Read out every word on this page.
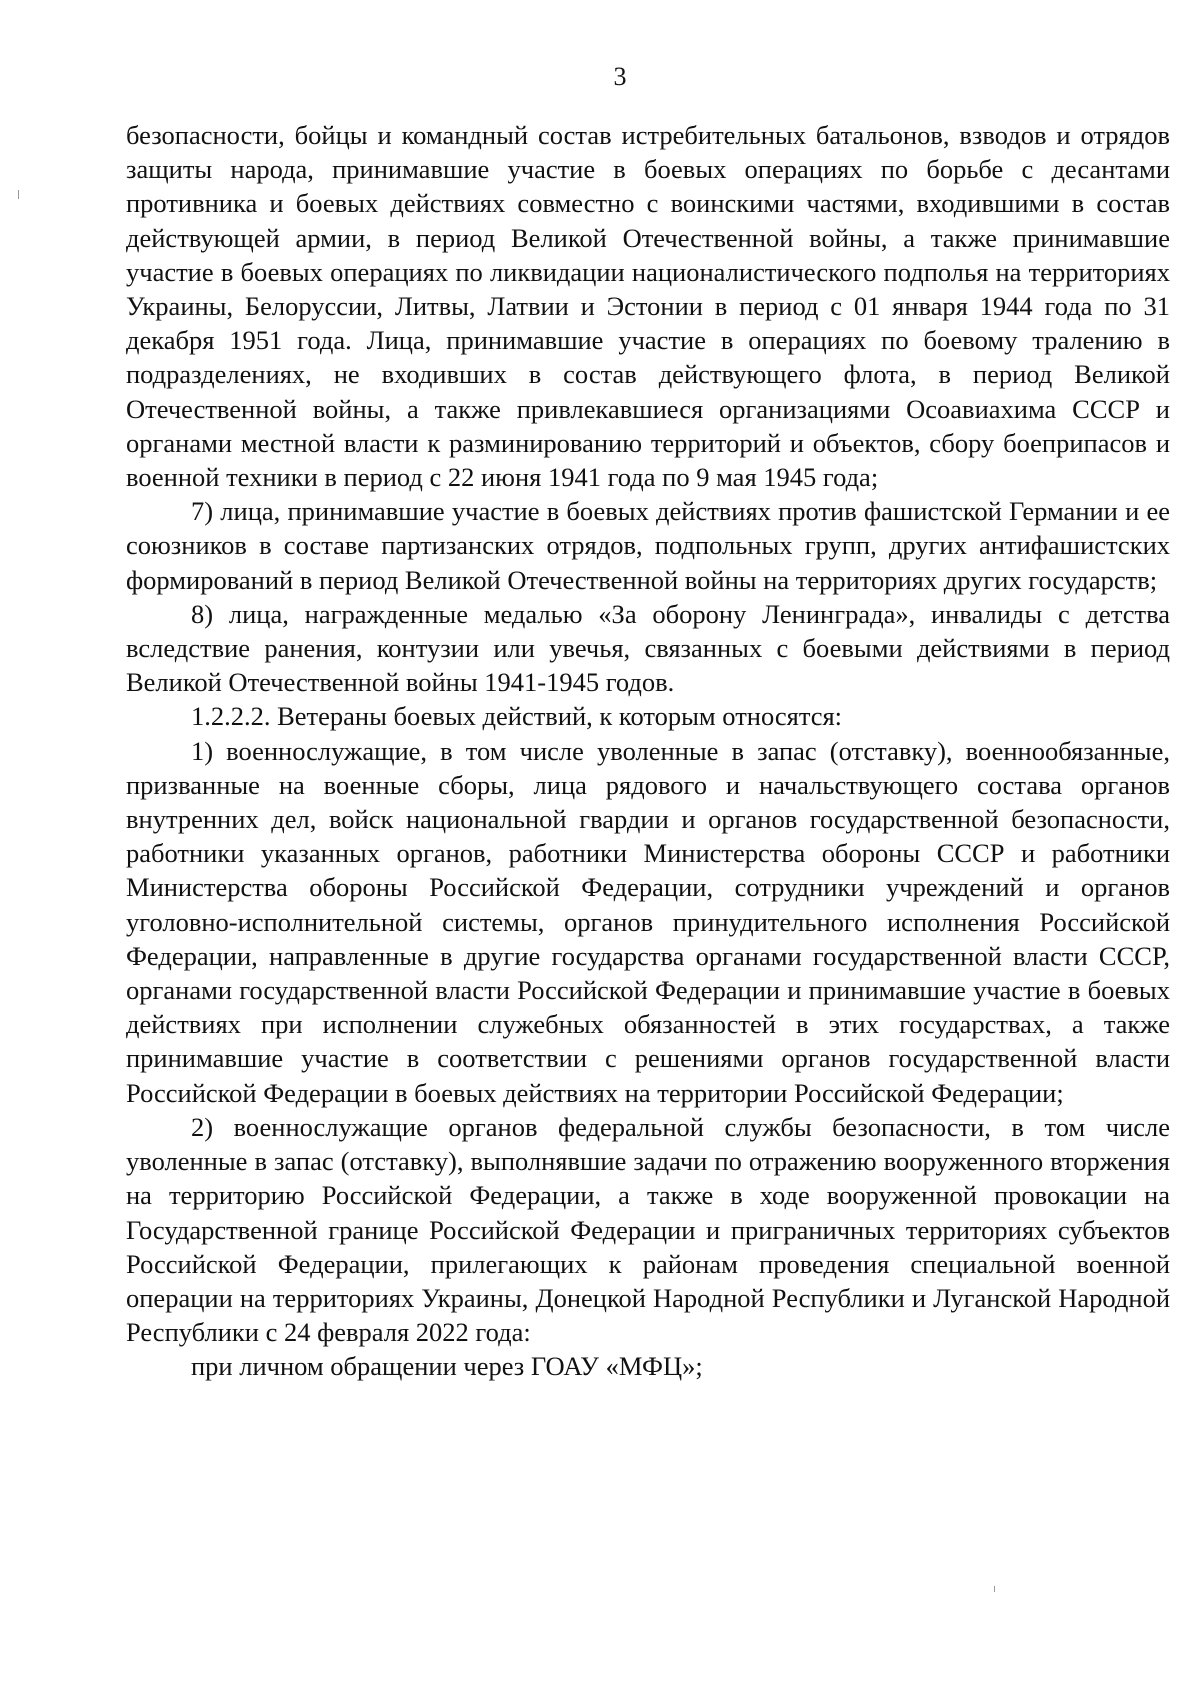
3

безопасности, бойцы и командный состав истребительных батальонов, взводов и отрядов защиты народа, принимавшие участие в боевых операциях по борьбе с десантами противника и боевых действиях совместно с воинскими частями, входившими в состав действующей армии, в период Великой Отечественной войны, а также принимавшие участие в боевых операциях по ликвидации националистического подполья на территориях Украины, Белоруссии, Литвы, Латвии и Эстонии в период с 01 января 1944 года по 31 декабря 1951 года. Лица, принимавшие участие в операциях по боевому тралению в подразделениях, не входивших в состав действующего флота, в период Великой Отечественной войны, а также привлекавшиеся организациями Осоавиахима СССР и органами местной власти к разминированию территорий и объектов, сбору боеприпасов и военной техники в период с 22 июня 1941 года по 9 мая 1945 года;

7) лица, принимавшие участие в боевых действиях против фашистской Германии и ее союзников в составе партизанских отрядов, подпольных групп, других антифашистских формирований в период Великой Отечественной войны на территориях других государств;

8) лица, награжденные медалью «За оборону Ленинграда», инвалиды с детства вследствие ранения, контузии или увечья, связанных с боевыми действиями в период Великой Отечественной войны 1941-1945 годов.

1.2.2.2. Ветераны боевых действий, к которым относятся:

1) военнослужащие, в том числе уволенные в запас (отставку), военнообязанные, призванные на военные сборы, лица рядового и начальствующего состава органов внутренних дел, войск национальной гвардии и органов государственной безопасности, работники указанных органов, работники Министерства обороны СССР и работники Министерства обороны Российской Федерации, сотрудники учреждений и органов уголовно-исполнительной системы, органов принудительного исполнения Российской Федерации, направленные в другие государства органами государственной власти СССР, органами государственной власти Российской Федерации и принимавшие участие в боевых действиях при исполнении служебных обязанностей в этих государствах, а также принимавшие участие в соответствии с решениями органов государственной власти Российской Федерации в боевых действиях на территории Российской Федерации;

2) военнослужащие органов федеральной службы безопасности, в том числе уволенные в запас (отставку), выполнявшие задачи по отражению вооруженного вторжения на территорию Российской Федерации, а также в ходе вооруженной провокации на Государственной границе Российской Федерации и приграничных территориях субъектов Российской Федерации, прилегающих к районам проведения специальной военной операции на территориях Украины, Донецкой Народной Республики и Луганской Народной Республики с 24 февраля 2022 года:

при личном обращении через ГОАУ «МФЦ»;
